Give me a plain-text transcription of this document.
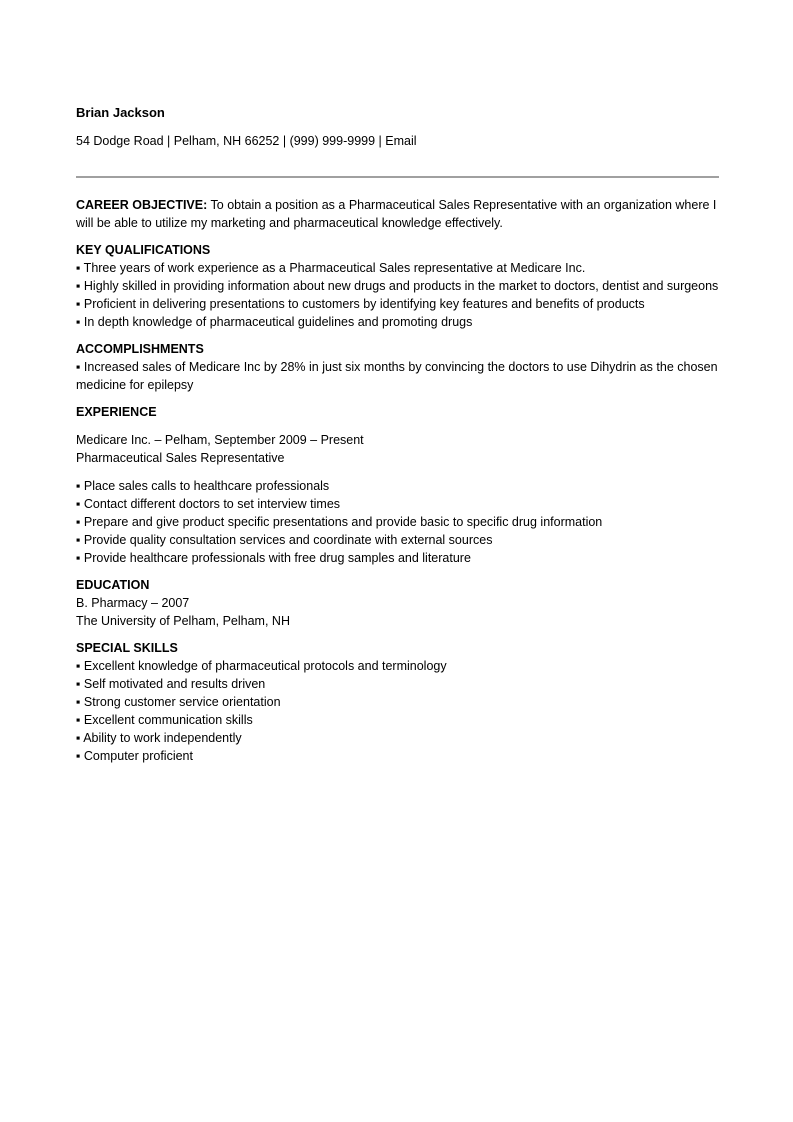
Brian Jackson
54 Dodge Road | Pelham, NH 66252 | (999) 999-9999 | Email
CAREER OBJECTIVE: To obtain a position as a Pharmaceutical Sales Representative with an organization where I will be able to utilize my marketing and pharmaceutical knowledge effectively.
KEY QUALIFICATIONS
▪ Three years of work experience as a Pharmaceutical Sales representative at Medicare Inc.
▪ Highly skilled in providing information about new drugs and products in the market to doctors, dentist and surgeons
▪ Proficient in delivering presentations to customers by identifying key features and benefits of products
▪ In depth knowledge of pharmaceutical guidelines and promoting drugs
ACCOMPLISHMENTS
▪ Increased sales of Medicare Inc by 28% in just six months by convincing the doctors to use Dihydrin as the chosen medicine for epilepsy
EXPERIENCE
Medicare Inc. – Pelham, September 2009 – Present
Pharmaceutical Sales Representative
▪ Place sales calls to healthcare professionals
▪ Contact different doctors to set interview times
▪ Prepare and give product specific presentations and provide basic to specific drug information
▪ Provide quality consultation services and coordinate with external sources
▪ Provide healthcare professionals with free drug samples and literature
EDUCATION
B. Pharmacy – 2007
The University of Pelham, Pelham, NH
SPECIAL SKILLS
▪ Excellent knowledge of pharmaceutical protocols and terminology
▪ Self motivated and results driven
▪ Strong customer service orientation
▪ Excellent communication skills
▪ Ability to work independently
▪ Computer proficient
